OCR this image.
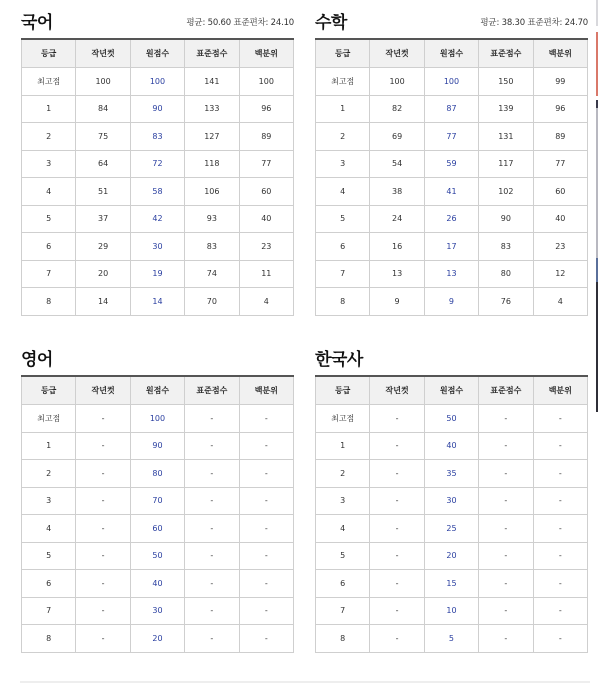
국어	평균: 50.60 표준편차: 24.10
등급	작년컷	원점수	표준점수	백분위
최고점	100	100	141	100
1	84	90	133	96
2	75	83	127	89
3	64	72	118	77
4	51	58	106	60
5	37	42	93	40
6	29	30	83	23
7	20	19	74	11
8	14	14	70	4
수학	평균: 38.30 표준편차: 24.70
등급	작년컷	원점수	표준점수	백분위
최고점	100	100	150	99
1	82	87	139	96
2	69	77	131	89
3	54	59	117	77
4	38	41	102	60
5	24	26	90	40
6	16	17	83	23
7	13	13	80	12
8	9	9	76	4
영어
등급	작년컷	원점수	표준점수	백분위
최고점	-	100	-	-
1	-	90	-	-
2	-	80	-	-
3	-	70	-	-
4	-	60	-	-
5	-	50	-	-
6	-	40	-	-
7	-	30	-	-
8	-	20	-	-
한국사
등급	작년컷	원점수	표준점수	백분위
최고점	-	50	-	-
1	-	40	-	-
2	-	35	-	-
3	-	30	-	-
4	-	25	-	-
5	-	20	-	-
6	-	15	-	-
7	-	10	-	-
8	-	5	-	-
